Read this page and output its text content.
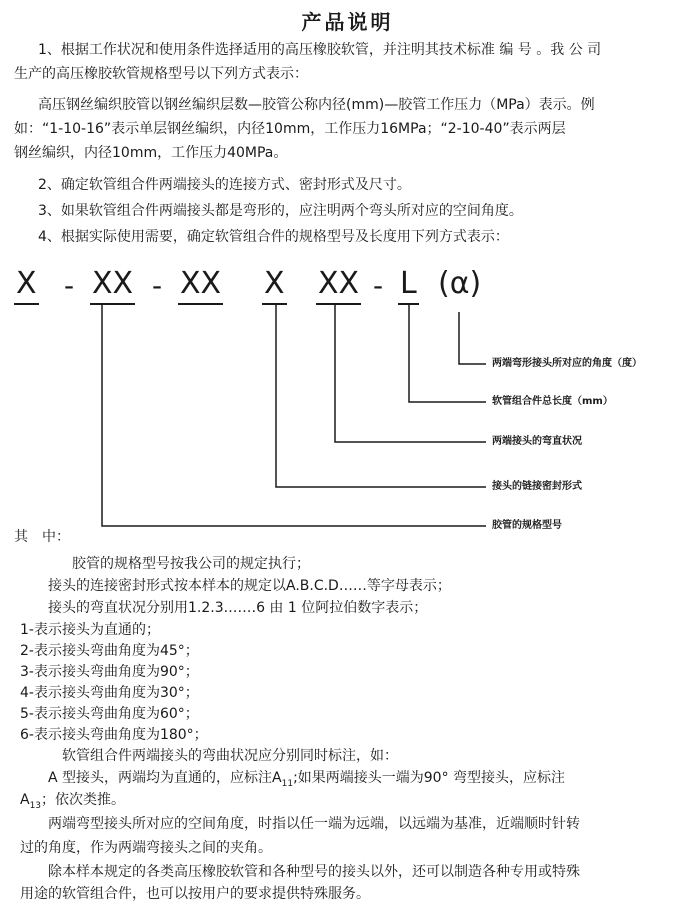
产品说明
1、根据工作状况和使用条件选择适用的高压橡胶软管，并注明其技术标准 编 号 。我 公 司
生产的高压橡胶软管规格型号以下列方式表示：
高压钢丝编织胶管以钢丝编织层数—胶管公称内径(mm)—胶管工作压力（MPa）表示。例
如：“1-10-16”表示单层钢丝编织，内径10mm，工作压力16MPa；“2-10-40”表示两层
钢丝编织，内径10mm，工作压力40MPa。
2、确定软管组合件两端接头的连接方式、密封形式及尺寸。
3、如果软管组合件两端接头都是弯形的，应注明两个弯头所对应的空间角度。
4、根据实际使用需要，确定软管组合件的规格型号及长度用下列方式表示：
X - XX - XX X XX - L (α)
两端弯形接头所对应的角度（度）
软管组合件总长度（mm）
两端接头的弯直状况
接头的链接密封形式
胶管的规格型号
其　中：
胶管的规格型号按我公司的规定执行；
接头的连接密封形式按本样本的规定以A.B.C.D……等字母表示；
接头的弯直状况分别用1.2.3.……6 由 1 位阿拉伯数字表示；
1-表示接头为直通的；
2-表示接头弯曲角度为45°；
3-表示接头弯曲角度为90°；
4-表示接头弯曲角度为30°；
5-表示接头弯曲角度为60°；
6-表示接头弯曲角度为180°；
软管组合件两端接头的弯曲状况应分别同时标注，如：
A 型接头，两端均为直通的，应标注$A_{11}$;如果两端接头一端为90° 弯型接头，应标注
$A_{13}$；依次类推。
两端弯型接头所对应的空间角度，时指以任一端为远端，以远端为基准，近端顺时针转
过的角度，作为两端弯接头之间的夹角。
除本样本规定的各类高压橡胶软管和各种型号的接头以外，还可以制造各种专用或特殊
用途的软管组合件，也可以按用户的要求提供特殊服务。
